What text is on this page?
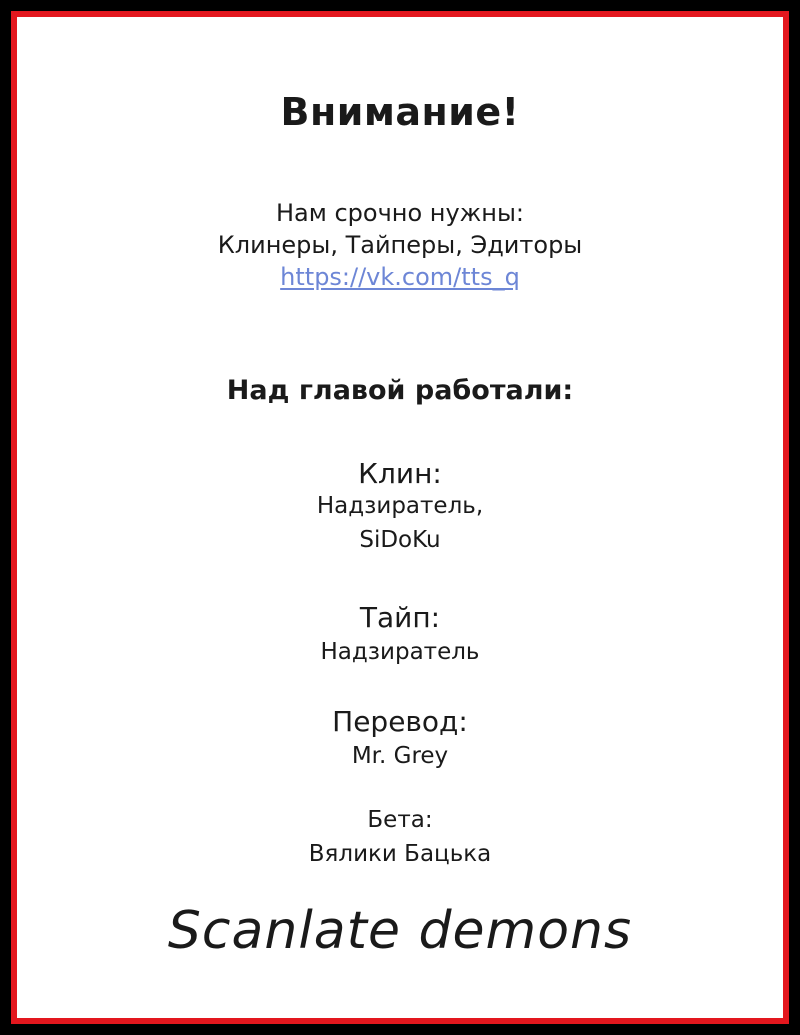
Внимание!
Нам срочно нужны:
Клинеры, Тайперы, Эдиторы
https://vk.com/tts_q
Над главой работали:
Клин:
Надзиратель,
SiDoKu
Тайп:
Надзиратель
Перевод:
Mr. Grey
Бета:
Вялики Бацька
Scanlate demons
